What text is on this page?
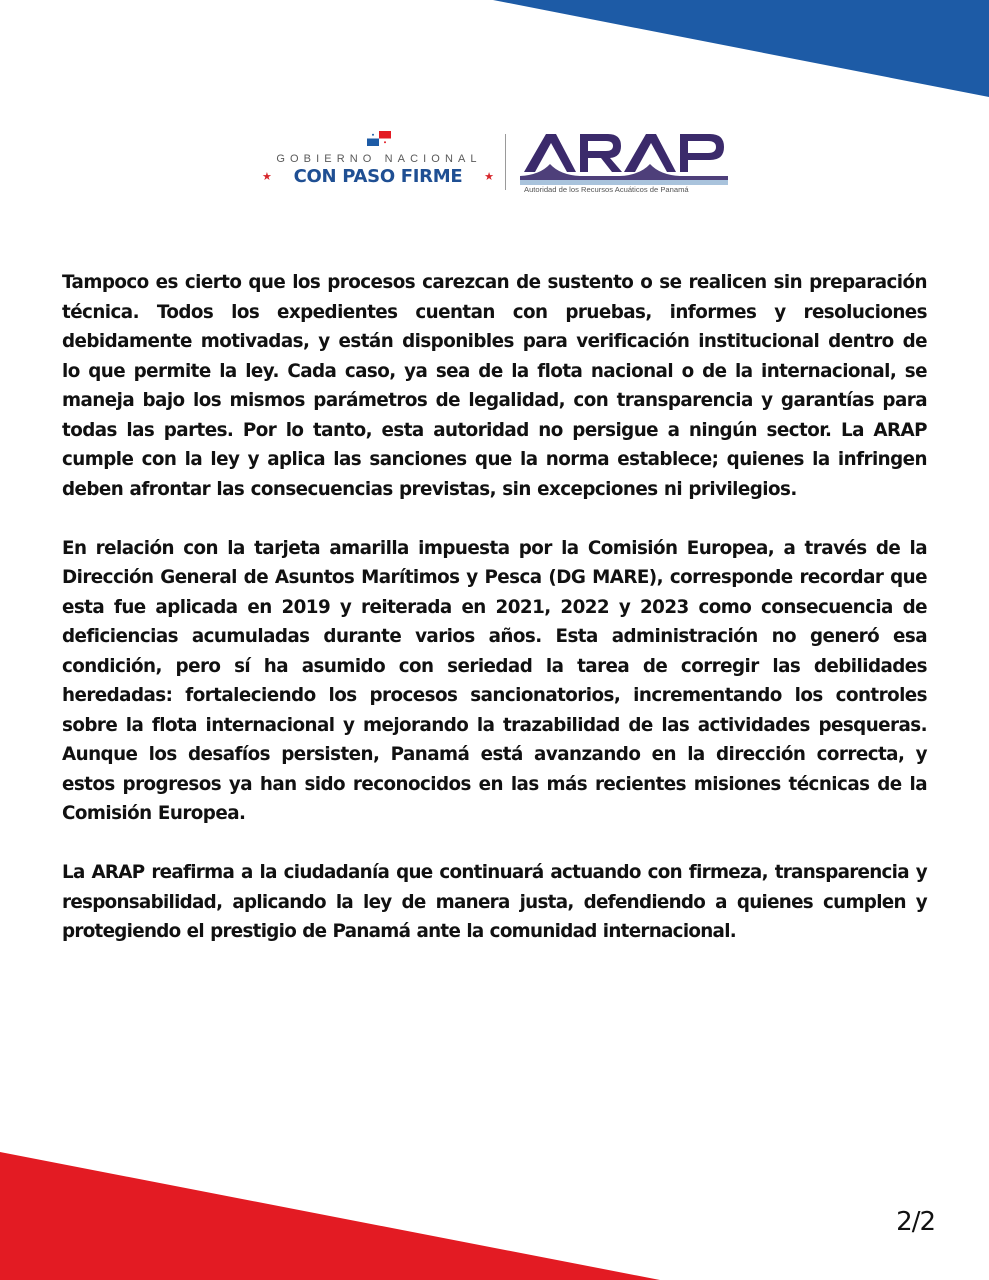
GOBIERNO NACIONAL
★ CON PASO FIRME ★
Autoridad de los Recursos Acuáticos de Panamá

Tampoco es cierto que los procesos carezcan de sustento o se realicen sin preparación técnica. Todos los expedientes cuentan con pruebas, informes y resoluciones debidamente motivadas, y están disponibles para verificación institucional dentro de lo que permite la ley. Cada caso, ya sea de la flota nacional o de la internacional, se maneja bajo los mismos parámetros de legalidad, con transparencia y garantías para todas las partes. Por lo tanto, esta autoridad no persigue a ningún sector. La ARAP cumple con la ley y aplica las sanciones que la norma establece; quienes la infringen deben afrontar las consecuencias previstas, sin excepciones ni privilegios.

En relación con la tarjeta amarilla impuesta por la Comisión Europea, a través de la Dirección General de Asuntos Marítimos y Pesca (DG MARE), corresponde recordar que esta fue aplicada en 2019 y reiterada en 2021, 2022 y 2023 como consecuencia de deficiencias acumuladas durante varios años. Esta administración no generó esa condición, pero sí ha asumido con seriedad la tarea de corregir las debilidades heredadas: fortaleciendo los procesos sancionatorios, incrementando los controles sobre la flota internacional y mejorando la trazabilidad de las actividades pesqueras. Aunque los desafíos persisten, Panamá está avanzando en la dirección correcta, y estos progresos ya han sido reconocidos en las más recientes misiones técnicas de la Comisión Europea.

La ARAP reafirma a la ciudadanía que continuará actuando con firmeza, transparencia y responsabilidad, aplicando la ley de manera justa, defendiendo a quienes cumplen y protegiendo el prestigio de Panamá ante la comunidad internacional.

2/2
